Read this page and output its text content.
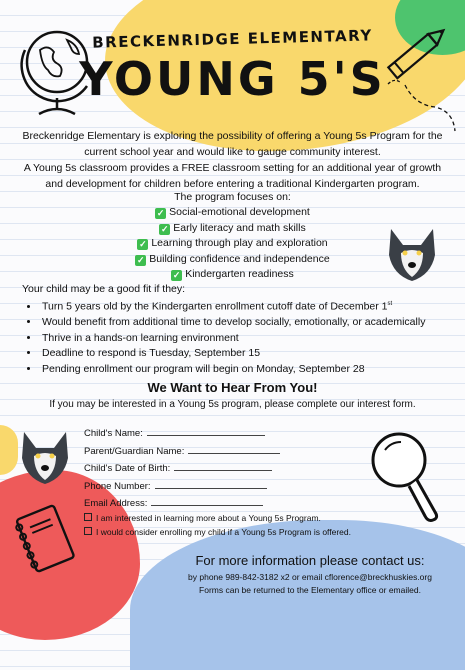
BRECKENRIDGE ELEMENTARY
YOUNG 5'S
Breckenridge Elementary is exploring the possibility of offering a Young 5s Program for the current school year and would like to gauge community interest.
A Young 5s classroom provides a FREE classroom setting for an additional year of growth and development for children before entering a traditional Kindergarten program.
The program focuses on:
✓ Social-emotional development
✓ Early literacy and math skills
✓ Learning through play and exploration
✓ Building confidence and independence
✓ Kindergarten readiness
Your child may be a good fit if they:
• Turn 5 years old by the Kindergarten enrollment cutoff date of December 1st
• Would benefit from additional time to develop socially, emotionally, or academically
• Thrive in a hands-on learning environment
• Deadline to respond is Tuesday, September 15
• Pending enrollment our program will begin on Monday, September 28
We Want to Hear From You!
If you may be interested in a Young 5s program, please complete our interest form.
Child's Name:
Parent/Guardian Name:
Child's Date of Birth:
Phone Number:
Email Address:
I am interested in learning more about a Young 5s Program.
I would consider enrolling my child if a Young 5s Program is offered.
For more information please contact us:
by phone 989-842-3182 x2 or email cflorence@breckhuskies.org
Forms can be returned to the Elementary office or emailed.
